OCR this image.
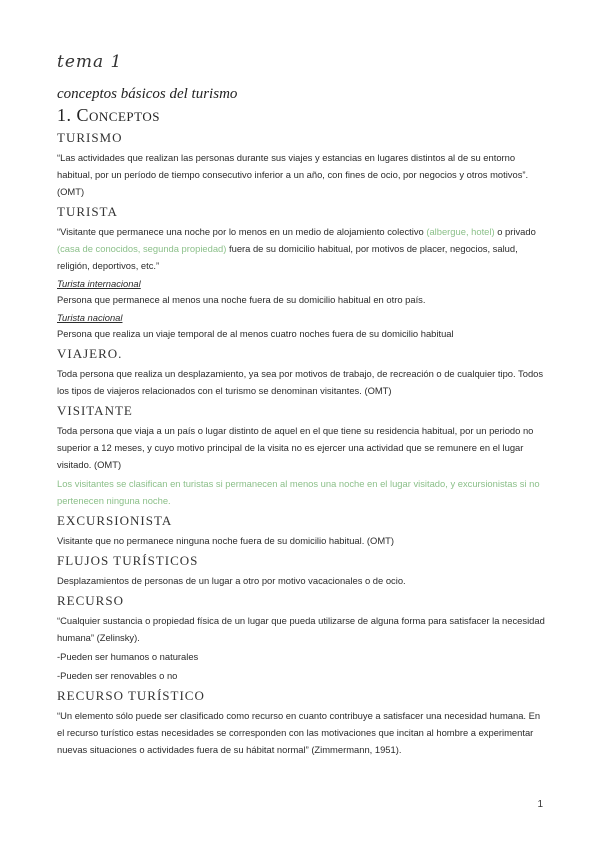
tema 1
conceptos básicos del turismo
1. Conceptos
TURISMO

“Las actividades que realizan las personas durante sus viajes y estancias en lugares distintos al de su entorno habitual, por un período de tiempo consecutivo inferior a un año, con fines de ocio, por negocios y otros motivos”. (OMT)

TURISTA

“Visitante que permanece una noche por lo menos en un medio de alojamiento colectivo (albergue, hotel) o privado (casa de conocidos, segunda propiedad) fuera de su domicilio habitual, por motivos de placer, negocios, salud, religión, deportivos, etc.”

Turista internacional

Persona que permanece al menos una noche fuera de su domicilio habitual en otro país.

Turista nacional

Persona que realiza un viaje temporal de al menos cuatro noches fuera de su domicilio habitual

VIAJERO.

Toda persona que realiza un desplazamiento, ya sea por motivos de trabajo, de recreación o de cualquier tipo. Todos los tipos de viajeros relacionados con el turismo se denominan visitantes. (OMT)

VISITANTE

Toda persona que viaja a un país o lugar distinto de aquel en el que tiene su residencia habitual, por un periodo no superior a 12 meses, y cuyo motivo principal de la visita no es ejercer una actividad que se remunere en el lugar visitado. (OMT)

Los visitantes se clasifican en turistas si permanecen al menos una noche en el lugar visitado, y excursionistas si no pertenecen ninguna noche.

EXCURSIONISTA

Visitante que no permanece ninguna noche fuera de su domicilio habitual. (OMT)

FLUJOS TURÍSTICOS

Desplazamientos de personas de un lugar a otro por motivo vacacionales o de ocio.

RECURSO

“Cualquier sustancia o propiedad física de un lugar que pueda utilizarse de alguna forma para satisfacer la necesidad humana” (Zelinsky).

-Pueden ser humanos o naturales

-Pueden ser renovables o no

RECURSO TURÍSTICO

“Un elemento sólo puede ser clasificado como recurso en cuanto contribuye a satisfacer una necesidad humana. En el recurso turístico estas necesidades se corresponden con las motivaciones que incitan al hombre a experimentar nuevas situaciones o actividades fuera de su hábitat normal” (Zimmermann, 1951).

1
